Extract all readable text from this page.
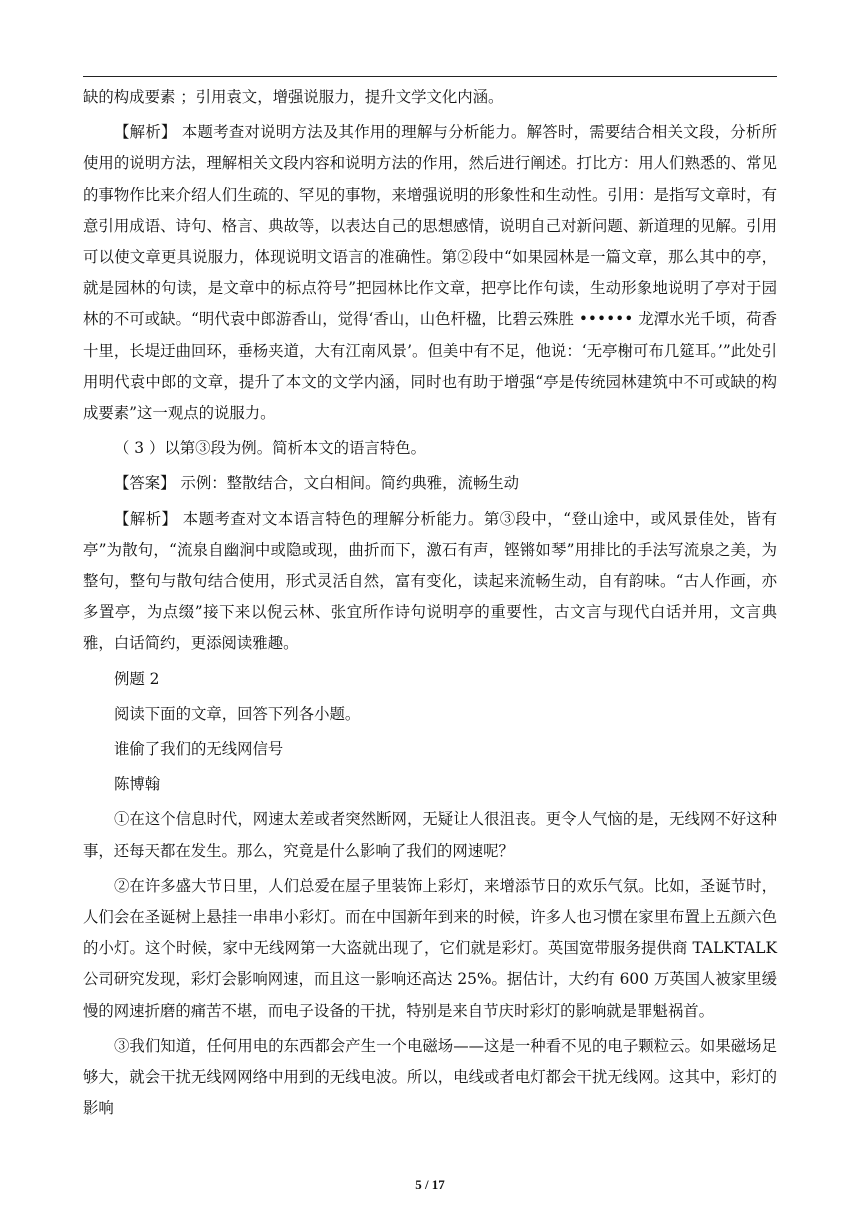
缺的构成要素 ；引用袁文，增强说服力，提升文学文化内涵。

【解析】 本题考查对说明方法及其作用的理解与分析能力。解答时，需要结合相关文段，分析所使用的说明方法，理解相关文段内容和说明方法的作用，然后进行阐述。打比方：用人们熟悉的、常见的事物作比来介绍人们生疏的、罕见的事物，来增强说明的形象性和生动性。引用：是指写文章时，有意引用成语、诗句、格言、典故等，以表达自己的思想感情，说明自己对新问题、新道理的见解。引用可以使文章更具说服力，体现说明文语言的准确性。第②段中“如果园林是一篇文章，那么其中的亭，就是园林的句读，是文章中的标点符号”把园林比作文章，把亭比作句读，生动形象地说明了亭对于园林的不可或缺。“明代袁中郎游香山，觉得‘香山，山色杆楹，比碧云殊胜 •••••• 龙潭水光千顷，荷香十里，长堤迂曲回环，垂杨夹道，大有江南风景’。但美中有不足，他说：‘无亭榭可布几筵耳。’”此处引用明代袁中郎的文章，提升了本文的文学内涵，同时也有助于增强“亭是传统园林建筑中不可或缺的构成要素”这一观点的说服力。

（ 3 ）以第③段为例。简析本文的语言特色。

【答案】 示例：整散结合，文白相间。简约典雅，流畅生动

【解析】 本题考查对文本语言特色的理解分析能力。第③段中，“登山途中，或风景佳处，皆有亭”为散句，“流泉自幽涧中或隐或现，曲折而下，激石有声，铿锵如琴”用排比的手法写流泉之美，为整句，整句与散句结合使用，形式灵活自然，富有变化，读起来流畅生动，自有韵味。“古人作画，亦多置亭，为点缀”接下来以倪云林、张宜所作诗句说明亭的重要性，古文言与现代白话并用，文言典雅，白话简约，更添阅读雅趣。

例题 2

阅读下面的文章，回答下列各小题。

谁偷了我们的无线网信号

陈博翰

①在这个信息时代，网速太差或者突然断网，无疑让人很沮丧。更令人气恼的是，无线网不好这种事，还每天都在发生。那么，究竟是什么影响了我们的网速呢？

②在许多盛大节日里，人们总爱在屋子里装饰上彩灯，来增添节日的欢乐气氛。比如，圣诞节时，人们会在圣诞树上悬挂一串串小彩灯。而在中国新年到来的时候，许多人也习惯在家里布置上五颜六色的小灯。这个时候，家中无线网第一大盗就出现了，它们就是彩灯。英国宽带服务提供商 TALKTALK 公司研究发现，彩灯会影响网速，而且这一影响还高达 25%。据估计，大约有 600 万英国人被家里缓慢的网速折磨的痛苦不堪，而电子设备的干扰，特别是来自节庆时彩灯的影响就是罪魁祸首。

③我们知道，任何用电的东西都会产生一个电磁场——这是一种看不见的电子颗粒云。如果磁场足够大，就会干扰无线网网络中用到的无线电波。所以，电线或者电灯都会干扰无线网。这其中，彩灯的影响

5 / 17
